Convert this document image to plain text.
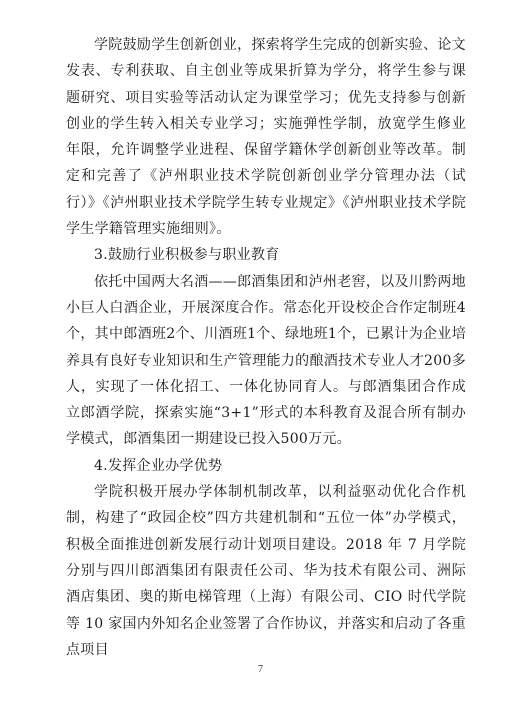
学院鼓励学生创新创业，探索将学生完成的创新实验、论文发表、专利获取、自主创业等成果折算为学分，将学生参与课题研究、项目实验等活动认定为课堂学习；优先支持参与创新创业的学生转入相关专业学习；实施弹性学制，放宽学生修业年限，允许调整学业进程、保留学籍休学创新创业等改革。制定和完善了《泸州职业技术学院创新创业学分管理办法（试行）》《泸州职业技术学院学生转专业规定》《泸州职业技术学院学生学籍管理实施细则》。

3.鼓励行业积极参与职业教育

依托中国两大名酒——郎酒集团和泸州老窖，以及川黔两地小巨人白酒企业，开展深度合作。常态化开设校企合作定制班4个，其中郎酒班2个、川酒班1个、绿地班1个，已累计为企业培养具有良好专业知识和生产管理能力的酿酒技术专业人才200多人，实现了一体化招工、一体化协同育人。与郎酒集团合作成立郎酒学院，探索实施“3+1”形式的本科教育及混合所有制办学模式，郎酒集团一期建设已投入500万元。

4.发挥企业办学优势

学院积极开展办学体制机制改革，以利益驱动优化合作机制，构建了“政园企校”四方共建机制和“五位一体”办学模式，积极全面推进创新发展行动计划项目建设。2018 年 7 月学院分别与四川郎酒集团有限责任公司、华为技术有限公司、洲际酒店集团、奥的斯电梯管理（上海）有限公司、CIO 时代学院等 10 家国内外知名企业签署了合作协议，并落实和启动了各重点项目

7
